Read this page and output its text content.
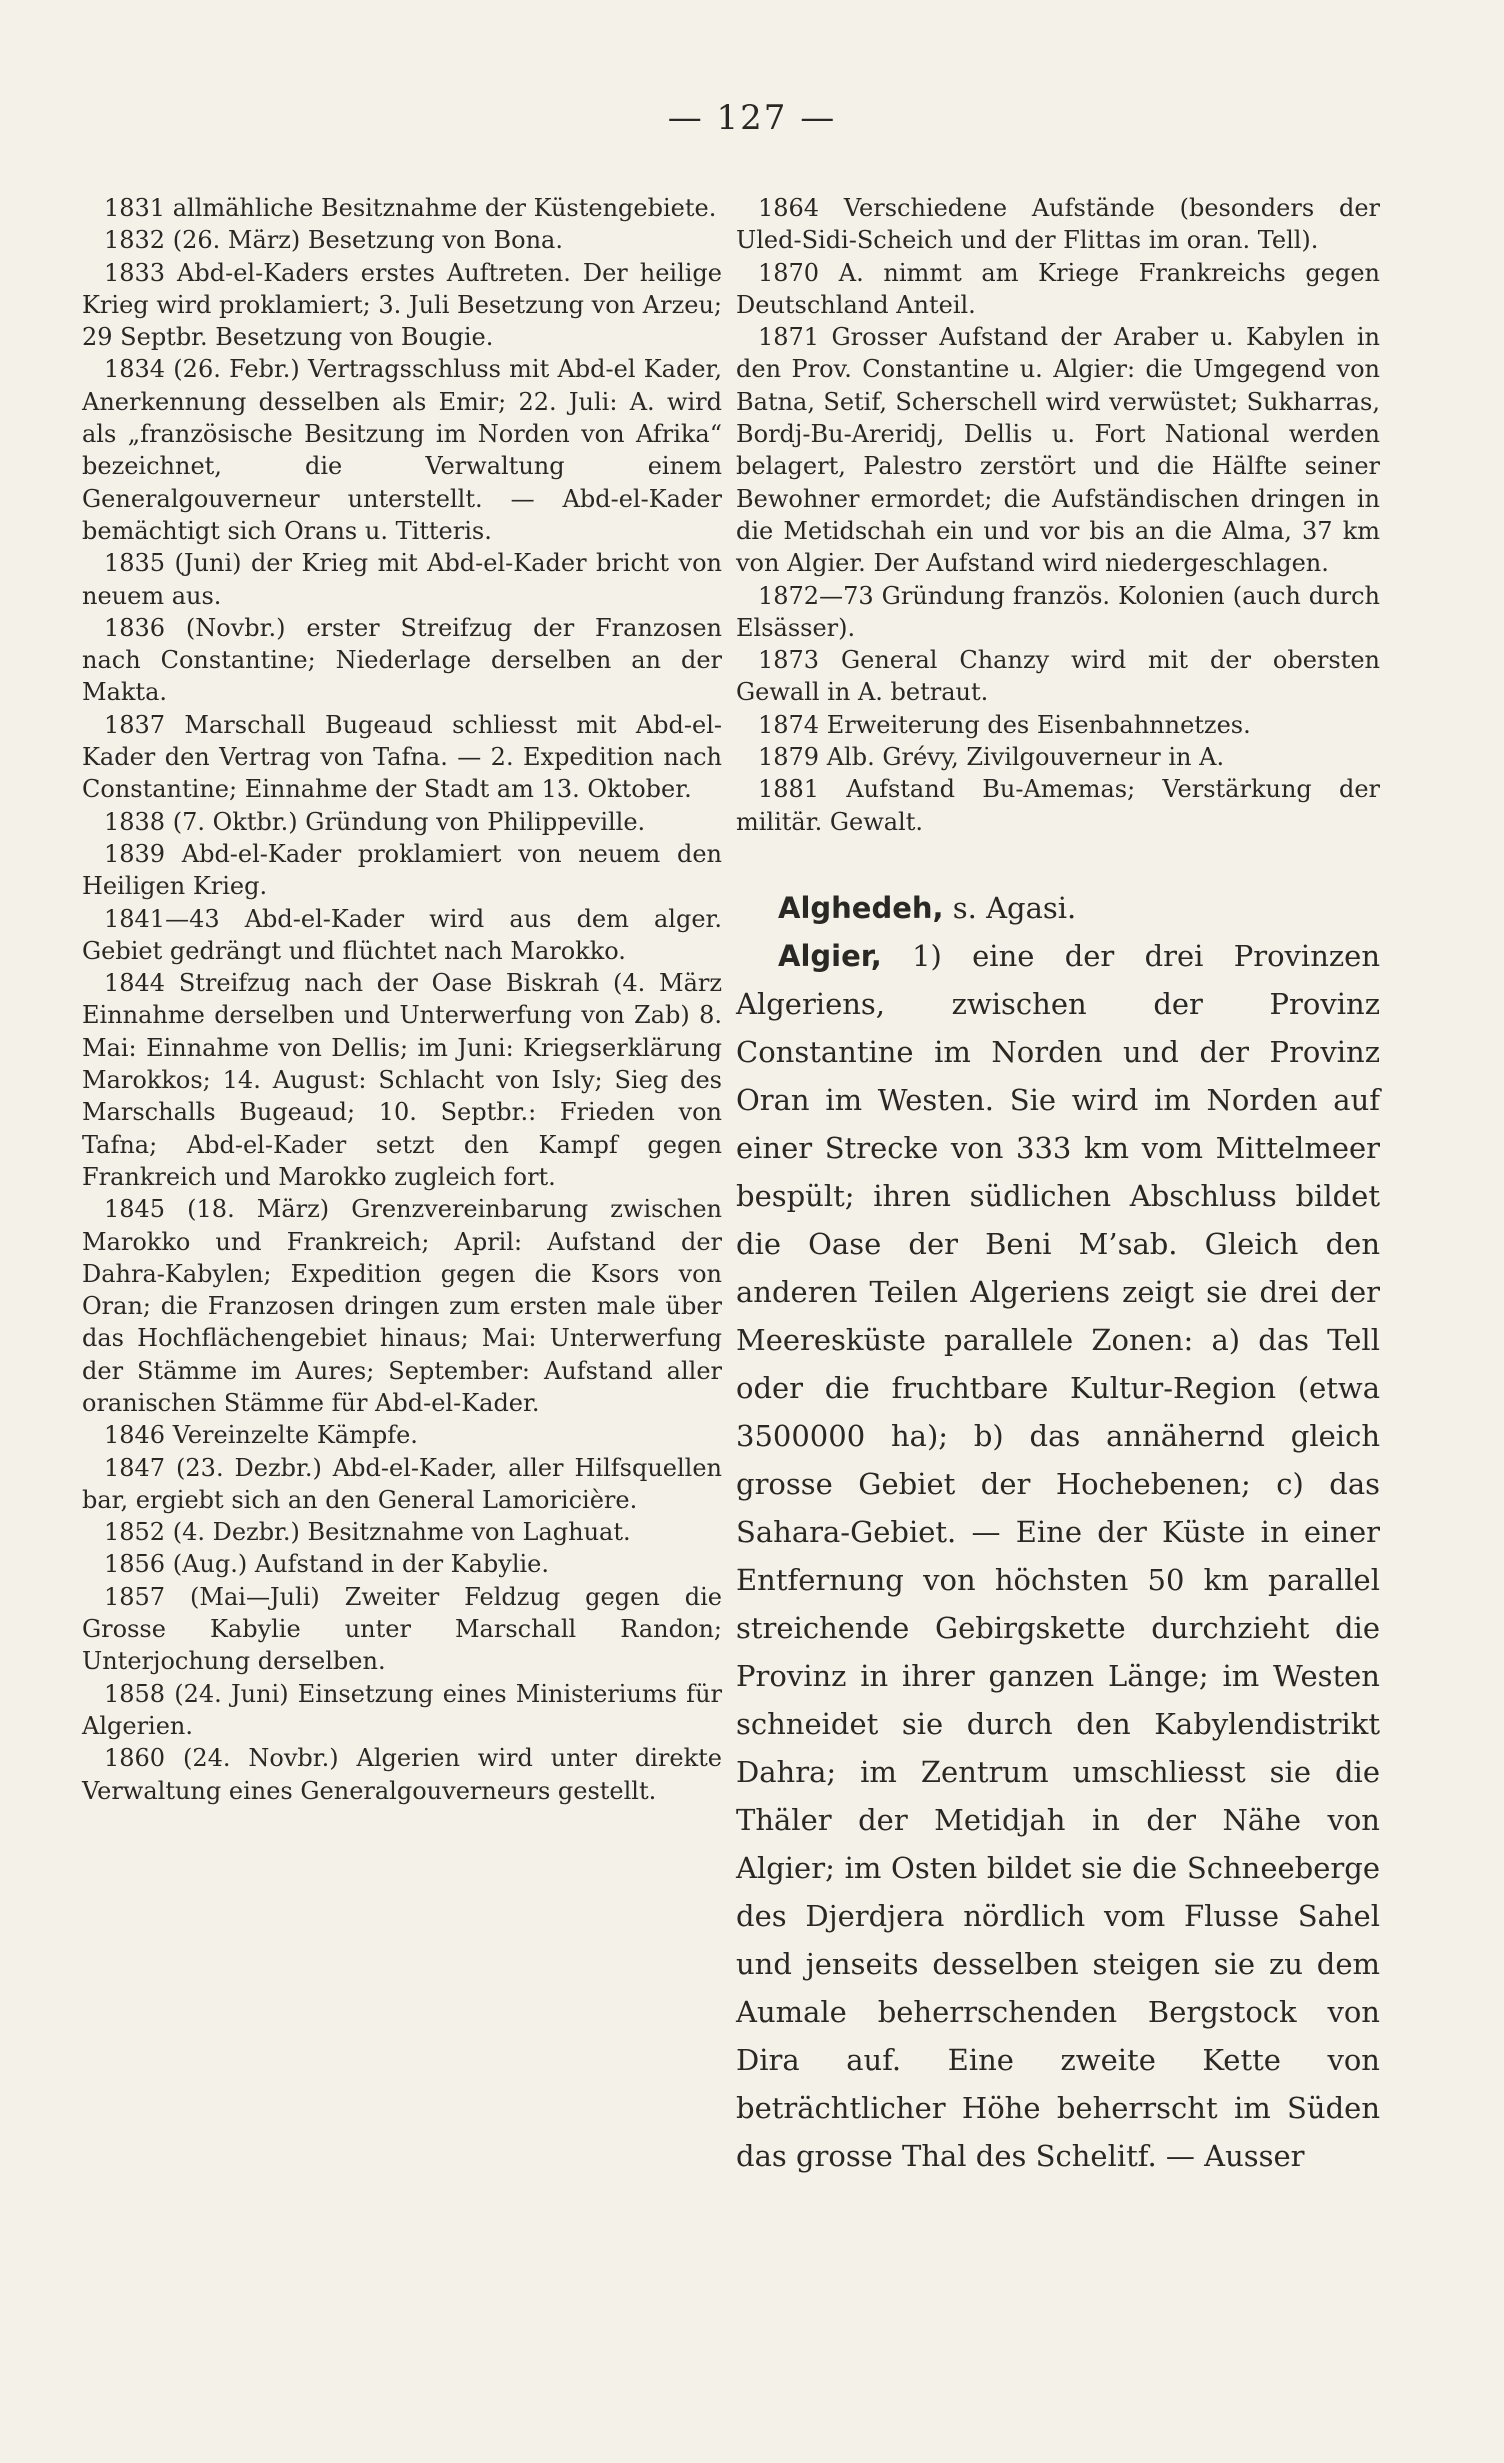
— 127 —

1831 allmähliche Besitznahme der Küstengebiete.

1832 (26. März) Besetzung von Bona.

1833 Abd-el-Kaders erstes Auftreten. Der heilige Krieg wird proklamiert; 3. Juli Besetzung von Arzeu; 29 Septbr. Besetzung von Bougie.

1834 (26. Febr.) Vertragsschluss mit Abd-el Kader, Anerkennung desselben als Emir; 22. Juli: A. wird als „französische Besitzung im Norden von Afrika“ bezeichnet, die Verwaltung einem Generalgouverneur unterstellt. — Abd-el-Kader bemächtigt sich Orans u. Titteris.

1835 (Juni) der Krieg mit Abd-el-Kader bricht von neuem aus.

1836 (Novbr.) erster Streifzug der Franzosen nach Constantine; Niederlage derselben an der Makta.

1837 Marschall Bugeaud schliesst mit Abd-el-Kader den Vertrag von Tafna. — 2. Expedition nach Constantine; Einnahme der Stadt am 13. Oktober.

1838 (7. Oktbr.) Gründung von Philippeville.

1839 Abd-el-Kader proklamiert von neuem den Heiligen Krieg.

1841—43 Abd-el-Kader wird aus dem alger. Gebiet gedrängt und flüchtet nach Marokko.

1844 Streifzug nach der Oase Biskrah (4. März Einnahme derselben und Unterwerfung von Zab) 8. Mai: Einnahme von Dellis; im Juni: Kriegserklärung Marokkos; 14. August: Schlacht von Isly; Sieg des Marschalls Bugeaud; 10. Septbr.: Frieden von Tafna; Abd-el-Kader setzt den Kampf gegen Frankreich und Marokko zugleich fort.

1845 (18. März) Grenzvereinbarung zwischen Marokko und Frankreich; April: Aufstand der Dahra-Kabylen; Expedition gegen die Ksors von Oran; die Franzosen dringen zum ersten male über das Hochflächengebiet hinaus; Mai: Unterwerfung der Stämme im Aures; September: Aufstand aller oranischen Stämme für Abd-el-Kader.

1846 Vereinzelte Kämpfe.

1847 (23. Dezbr.) Abd-el-Kader, aller Hilfsquellen bar, ergiebt sich an den General Lamoricière.

1852 (4. Dezbr.) Besitznahme von Laghuat.

1856 (Aug.) Aufstand in der Kabylie.

1857 (Mai—Juli) Zweiter Feldzug gegen die Grosse Kabylie unter Marschall Randon; Unterjochung derselben.

1858 (24. Juni) Einsetzung eines Ministeriums für Algerien.

1860 (24. Novbr.) Algerien wird unter direkte Verwaltung eines Generalgouverneurs gestellt.

1864 Verschiedene Aufstände (besonders der Uled-Sidi-Scheich und der Flittas im oran. Tell).

1870 A. nimmt am Kriege Frankreichs gegen Deutschland Anteil.

1871 Grosser Aufstand der Araber u. Kabylen in den Prov. Constantine u. Algier: die Umgegend von Batna, Setif, Scherschell wird verwüstet; Sukharras, Bordj-Bu-Areridj, Dellis u. Fort National werden belagert, Palestro zerstört und die Hälfte seiner Bewohner ermordet; die Aufständischen dringen in die Metidschah ein und vor bis an die Alma, 37 km von Algier. Der Aufstand wird niedergeschlagen.

1872—73 Gründung französ. Kolonien (auch durch Elsässer).

1873 General Chanzy wird mit der obersten Gewall in A. betraut.

1874 Erweiterung des Eisenbahnnetzes.

1879 Alb. Grévy, Zivilgouverneur in A.

1881 Aufstand Bu-Amemas; Verstärkung der militär. Gewalt.

Alghedeh, s. Agasi.

Algier, 1) eine der drei Provinzen Algeriens, zwischen der Provinz Constantine im Norden und der Provinz Oran im Westen. Sie wird im Norden auf einer Strecke von 333 km vom Mittelmeer bespült; ihren südlichen Abschluss bildet die Oase der Beni M’sab. Gleich den anderen Teilen Algeriens zeigt sie drei der Meeresküste parallele Zonen: a) das Tell oder die fruchtbare Kultur-Region (etwa 3500000 ha); b) das annähernd gleich grosse Gebiet der Hochebenen; c) das Sahara-Gebiet. — Eine der Küste in einer Entfernung von höchsten 50 km parallel streichende Gebirgskette durchzieht die Provinz in ihrer ganzen Länge; im Westen schneidet sie durch den Kabylendistrikt Dahra; im Zentrum umschliesst sie die Thäler der Metidjah in der Nähe von Algier; im Osten bildet sie die Schneeberge des Djerdjera nördlich vom Flusse Sahel und jenseits desselben steigen sie zu dem Aumale beherrschenden Bergstock von Dira auf. Eine zweite Kette von beträchtlicher Höhe beherrscht im Süden das grosse Thal des Schelitf. — Ausser
